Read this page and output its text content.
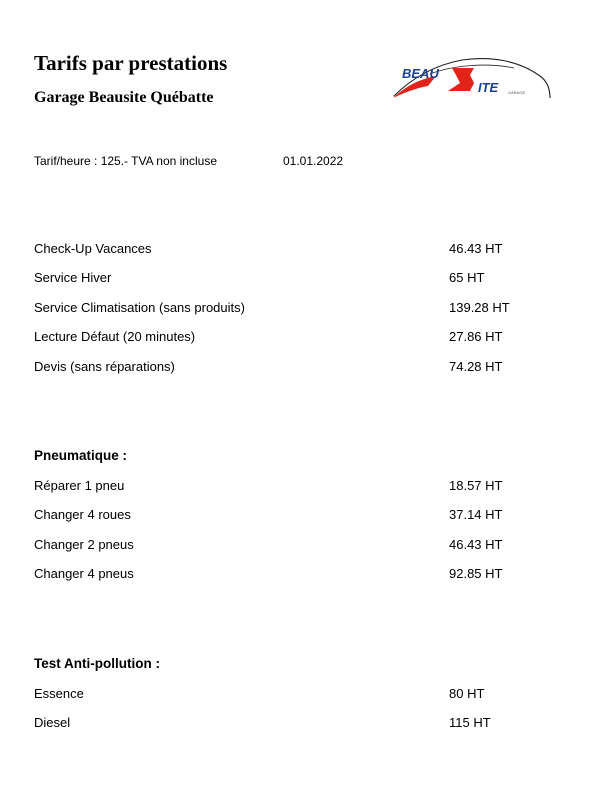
Tarifs par prestations
Garage Beausite Québatte
BEAU
ITE GARAGE
Tarif/heure : 125.- TVA non incluse	01.01.2022
Check-Up Vacances	46.43 HT
Service Hiver	65 HT
Service Climatisation (sans produits)	139.28 HT
Lecture Défaut (20 minutes)	27.86 HT
Devis (sans réparations)	74.28 HT
Pneumatique :
Réparer 1 pneu	18.57 HT
Changer 4 roues	37.14 HT
Changer 2 pneus	46.43 HT
Changer 4 pneus	92.85 HT
Test Anti-pollution :
Essence	80 HT
Diesel	115 HT
